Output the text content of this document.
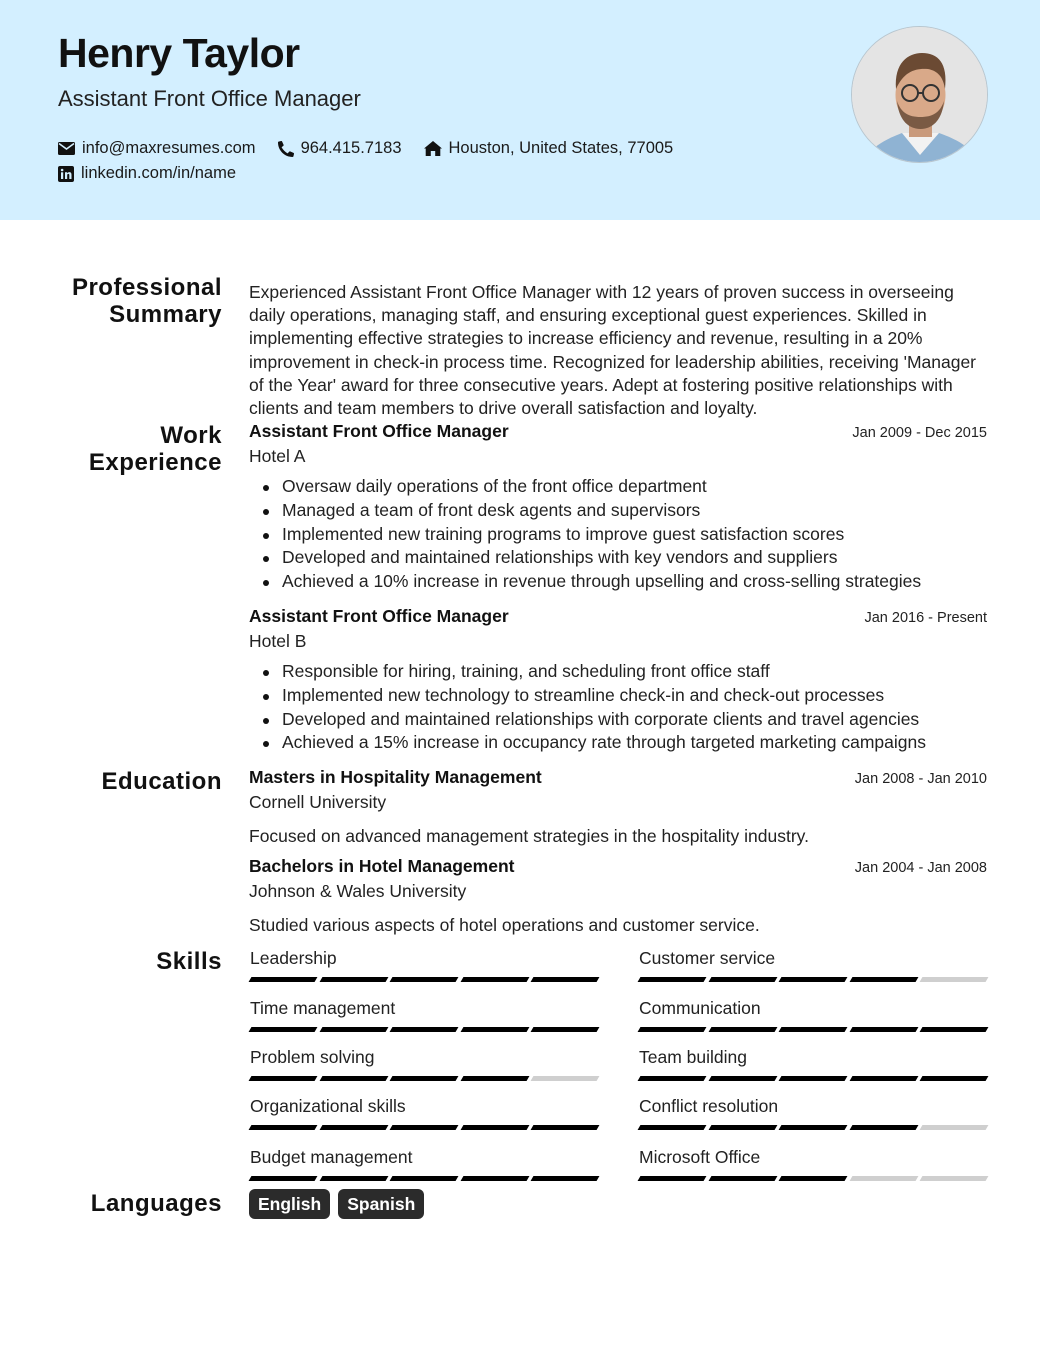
Henry Taylor
Assistant Front Office Manager
info@maxresumes.com	964.415.7183	Houston, United States, 77005
linkedin.com/in/name
Professional
Summary
Experienced Assistant Front Office Manager with 12 years of proven success in overseeing daily operations, managing staff, and ensuring exceptional guest experiences. Skilled in implementing effective strategies to increase efficiency and revenue, resulting in a 20% improvement in check-in process time. Recognized for leadership abilities, receiving 'Manager of the Year' award for three consecutive years. Adept at fostering positive relationships with clients and team members to drive overall satisfaction and loyalty.
Work
Experience
Assistant Front Office Manager	Jan 2009 - Dec 2015
Hotel A
Oversaw daily operations of the front office department
Managed a team of front desk agents and supervisors
Implemented new training programs to improve guest satisfaction scores
Developed and maintained relationships with key vendors and suppliers
Achieved a 10% increase in revenue through upselling and cross-selling strategies
Assistant Front Office Manager	Jan 2016 - Present
Hotel B
Responsible for hiring, training, and scheduling front office staff
Implemented new technology to streamline check-in and check-out processes
Developed and maintained relationships with corporate clients and travel agencies
Achieved a 15% increase in occupancy rate through targeted marketing campaigns
Education Masters in Hospitality Management	Jan 2008 - Jan 2010
Cornell University
Focused on advanced management strategies in the hospitality industry.
Bachelors in Hotel Management	Jan 2004 - Jan 2008
Johnson & Wales University
Studied various aspects of hotel operations and customer service.
Skills Leadership	Customer service
Time management	Communication
Problem solving	Team building
Organizational skills	Conflict resolution
Budget management	Microsoft Office
Languages	English	Spanish
